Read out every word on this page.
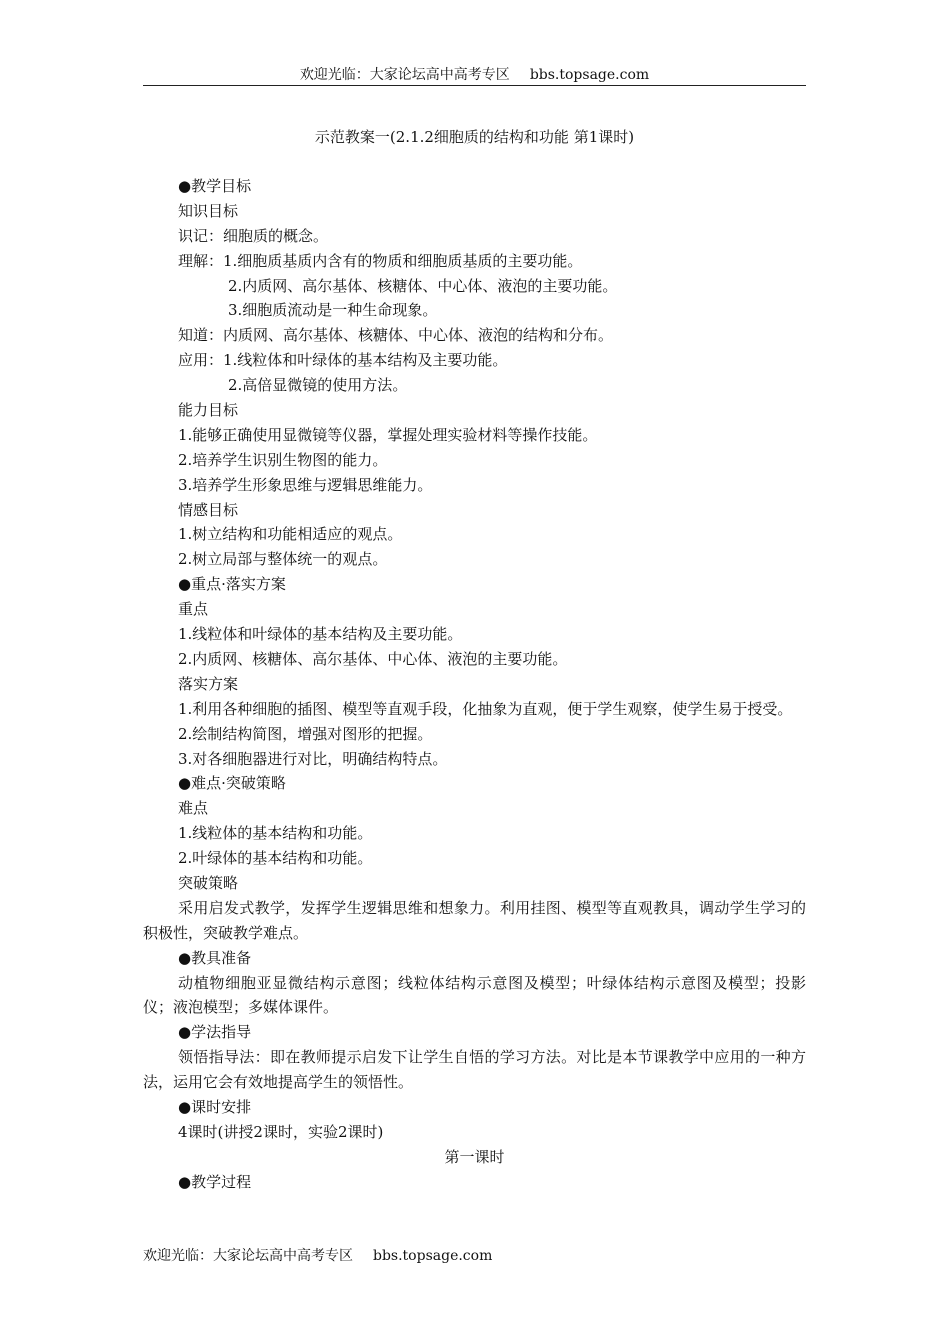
欢迎光临：大家论坛高中高考专区 bbs.topsage.com
示范教案一(2.1.2细胞质的结构和功能 第1课时)
●教学目标
知识目标
识记：细胞质的概念。
理解：1.细胞质基质内含有的物质和细胞质基质的主要功能。
2.内质网、高尔基体、核糖体、中心体、液泡的主要功能。
3.细胞质流动是一种生命现象。
知道：内质网、高尔基体、核糖体、中心体、液泡的结构和分布。
应用：1.线粒体和叶绿体的基本结构及主要功能。
2.高倍显微镜的使用方法。
能力目标
1.能够正确使用显微镜等仪器，掌握处理实验材料等操作技能。
2.培养学生识别生物图的能力。
3.培养学生形象思维与逻辑思维能力。
情感目标
1.树立结构和功能相适应的观点。
2.树立局部与整体统一的观点。
●重点·落实方案
重点
1.线粒体和叶绿体的基本结构及主要功能。
2.内质网、核糖体、高尔基体、中心体、液泡的主要功能。
落实方案
1.利用各种细胞的插图、模型等直观手段，化抽象为直观，便于学生观察，使学生易于授受。
2.绘制结构简图，增强对图形的把握。
3.对各细胞器进行对比，明确结构特点。
●难点·突破策略
难点
1.线粒体的基本结构和功能。
2.叶绿体的基本结构和功能。
突破策略
采用启发式教学，发挥学生逻辑思维和想象力。利用挂图、模型等直观教具，调动学生学习的积极性，突破教学难点。
●教具准备
动植物细胞亚显微结构示意图；线粒体结构示意图及模型；叶绿体结构示意图及模型；投影仪；液泡模型；多媒体课件。
●学法指导
领悟指导法：即在教师提示启发下让学生自悟的学习方法。对比是本节课教学中应用的一种方法，运用它会有效地提高学生的领悟性。
●课时安排
4课时(讲授2课时，实验2课时)
第一课时
●教学过程
欢迎光临：大家论坛高中高考专区 bbs.topsage.com
